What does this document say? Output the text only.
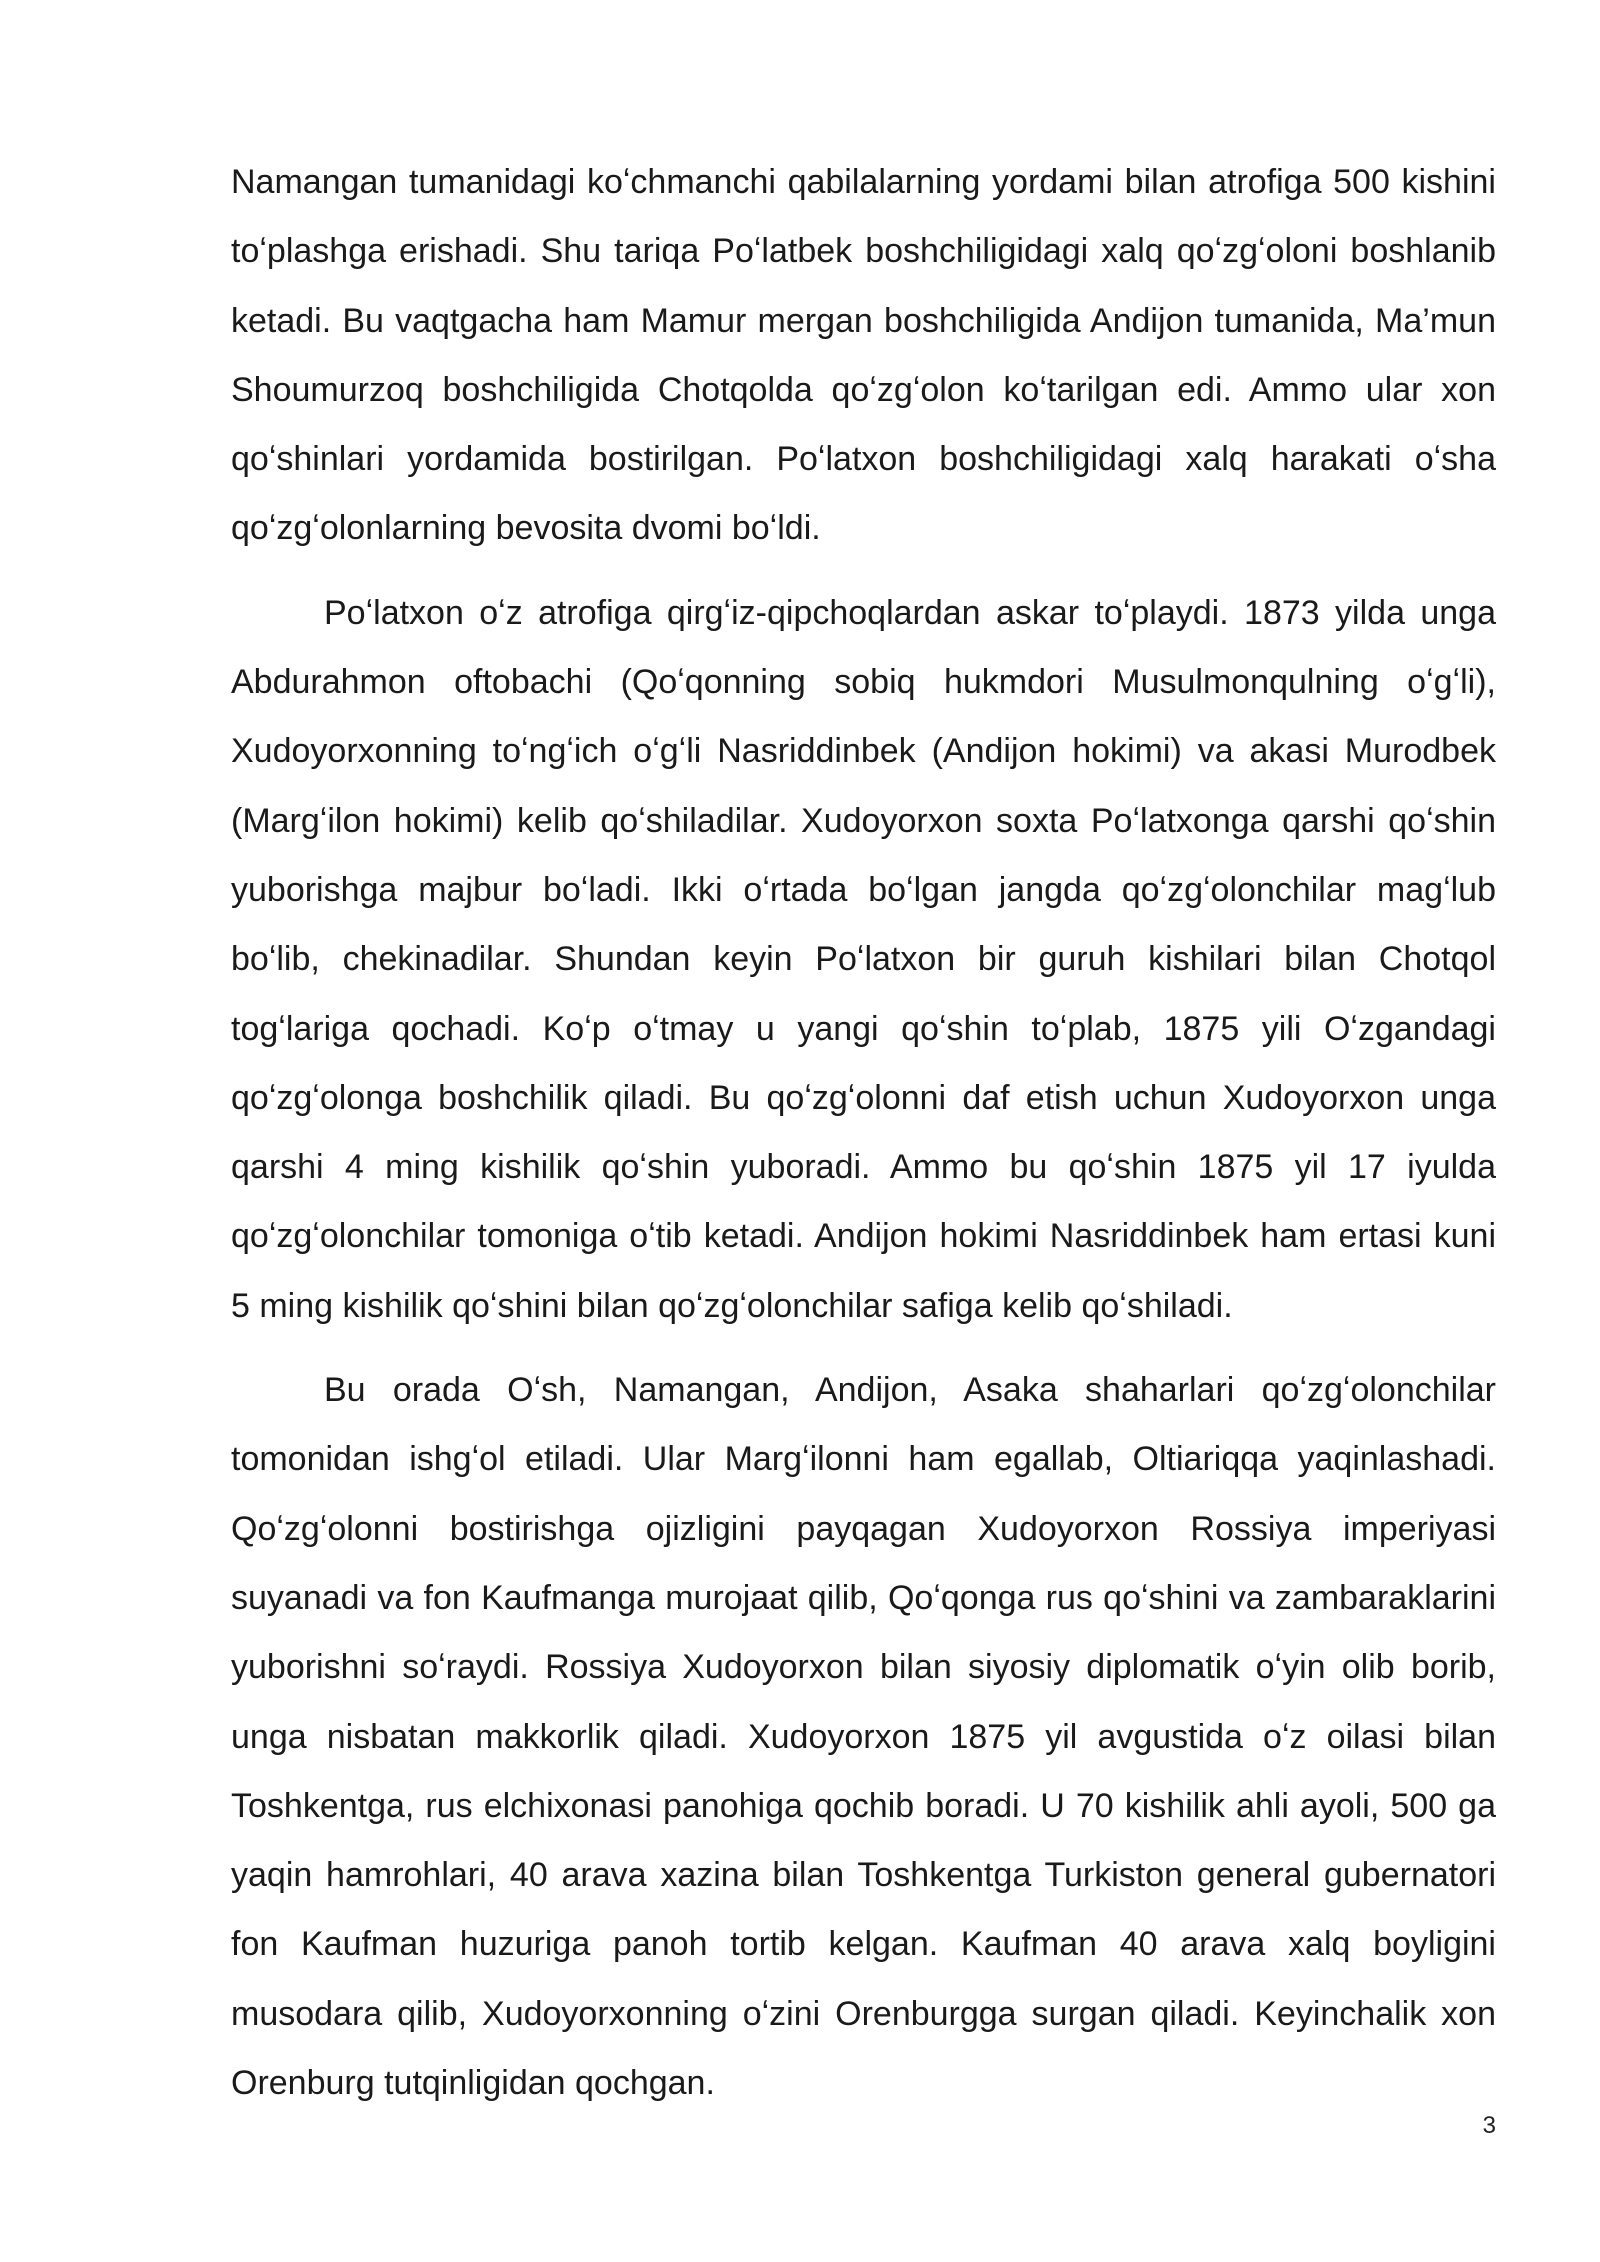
Namangan tumanidagi koʻchmanchi qabilalarning yordami bilan atrofiga 500 kishini toʻplashga erishadi. Shu tariqa Poʻlatbek boshchiligidagi xalq qoʻzgʻoloni boshlanib ketadi. Bu vaqtgacha ham Mamur mergan boshchiligida Andijon tumanida, Ma’mun Shoumurzoq boshchiligida Chotqolda qoʻzgʻolon koʻtarilgan edi. Ammo ular xon qoʻshinlari yordamida bostirilgan. Poʻlatxon boshchiligidagi xalq harakati oʻsha qoʻzgʻolonlarning bevosita dvomi boʻldi.

Poʻlatxon oʻz atrofiga qirgʻiz-qipchoqlardan askar toʻplaydi. 1873 yilda unga Abdurahmon oftobachi (Qoʻqonning sobiq hukmdori Musulmonqulning oʻgʻli), Xudoyorxonning toʻngʻich oʻgʻli Nasriddinbek (Andijon hokimi) va akasi Murodbek (Margʻilon hokimi) kelib qoʻshiladilar. Xudoyorxon soxta Poʻlatxonga qarshi qoʻshin yuborishga majbur boʻladi. Ikki oʻrtada boʻlgan jangda qoʻzgʻolonchilar magʻlub boʻlib, chekinadilar. Shundan keyin Poʻlatxon bir guruh kishilari bilan Chotqol togʻlariga qochadi. Koʻp oʻtmay u yangi qoʻshin toʻplab, 1875 yili Oʻzgandagi qoʻzgʻolonga boshchilik qiladi. Bu qoʻzgʻolonni daf etish uchun Xudoyorxon unga qarshi 4 ming kishilik qoʻshin yuboradi. Ammo bu qoʻshin 1875 yil 17 iyulda qoʻzgʻolonchilar tomoniga oʻtib ketadi. Andijon hokimi Nasriddinbek ham ertasi kuni 5 ming kishilik qoʻshini bilan qoʻzgʻolonchilar safiga kelib qoʻshiladi.

Bu orada Oʻsh, Namangan, Andijon, Asaka shaharlari qoʻzgʻolonchilar tomonidan ishgʻol etiladi. Ular Margʻilonni ham egallab, Oltiariqqa yaqinlashadi. Qoʻzgʻolonni bostirishga ojizligini payqagan Xudoyorxon Rossiya imperiyasi suyanadi va fon Kaufmanga murojaat qilib, Qoʻqonga rus qoʻshini va zambaraklarini yuborishni soʻraydi. Rossiya Xudoyorxon bilan siyosiy diplomatik oʻyin olib borib, unga nisbatan makkorlik qiladi. Xudoyorxon 1875 yil avgustida oʻz oilasi bilan Toshkentga, rus elchixonasi panohiga qochib boradi. U 70 kishilik ahli ayoli, 500 ga yaqin hamrohlari, 40 arava xazina bilan Toshkentga Turkiston general gubernatori fon Kaufman huzuriga panoh tortib kelgan. Kaufman 40 arava xalq boyligini musodara qilib, Xudoyorxonning oʻzini Orenburgga surgan qiladi. Keyinchalik xon Orenburg tutqinligidan qochgan.

3
